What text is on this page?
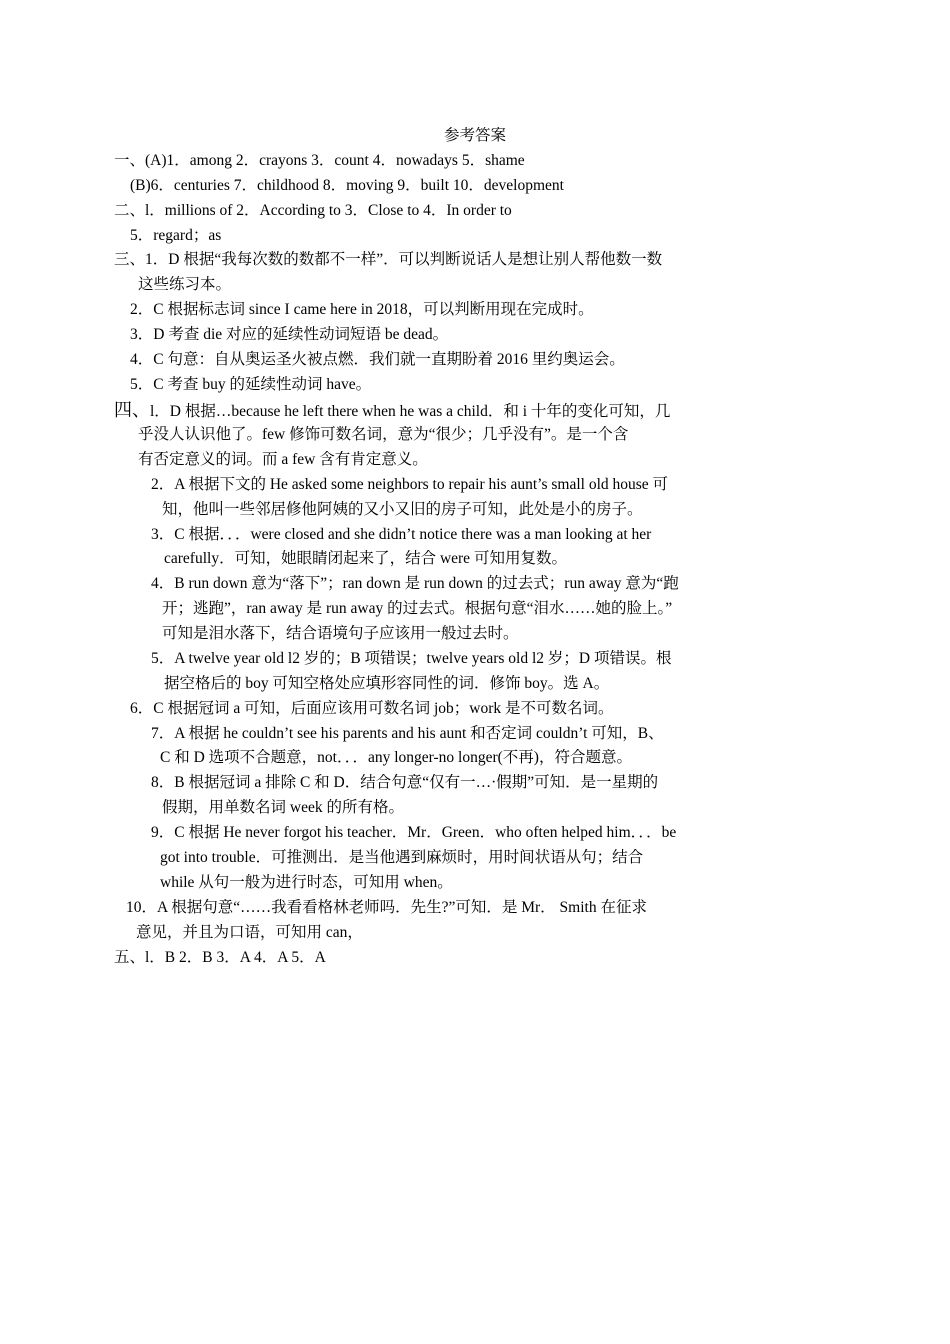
参考答案
一、(A)1．among 2．crayons 3．count 4．nowadays 5．shame
(B)6．centuries 7．childhood 8．moving 9．built 10．development
二、l．millions of 2．According to 3．Close to 4．In order to
5．regard；as
三、1．D 根据“我每次数的数都不一样”．可以判断说话人是想让别人帮他数一数
这些练习本。
2．C 根据标志词 since I came here in 2018，可以判断用现在完成时。
3．D 考查 die 对应的延续性动词短语 be dead。
4．C 句意：自从奥运圣火被点燃．我们就一直期盼着 2016 里约奥运会。
5．C 考查 buy 的延续性动词 have。
四、l．D 根据…because he left there when he was a child．和 i 十年的变化可知，几
乎没人认识他了。few 修饰可数名词，意为“很少；几乎没有”。是一个含
有否定意义的词。而 a few 含有肯定意义。
2．A 根据下文的 He asked some neighbors to repair his aunt’s small old house 可
知，他叫一些邻居修他阿姨的又小又旧的房子可知，此处是小的房子。
3．C 根据．．．were closed and she didn’t notice there was a man looking at her
carefully．可知，她眼睛闭起来了，结合 were 可知用复数。
4．B run down 意为“落下”；ran down 是 run down 的过去式；run away 意为“跑
开；逃跑”，ran away 是 run away 的过去式。根据句意“泪水……她的脸上。”
可知是泪水落下，结合语境句子应该用一般过去时。
5．A twelve year old l2 岁的；B 项错误；twelve years old l2 岁；D 项错误。根
据空格后的 boy 可知空格处应填形容同性的词．修饰 boy。选 A。
6．C 根据冠词 a 可知，后面应该用可数名词 job；work 是不可数名词。
7．A 根据 he couldn’t see his parents and his aunt 和否定词 couldn’t 可知，B、
C 和 D 选项不合题意，not．．．any longer-no longer(不再)，符合题意。
8．B 根据冠词 a 排除 C 和 D．结合句意“仅有一…·假期”可知．是一星期的
假期，用单数名词 week 的所有格。
9．C 根据 He never forgot his teacher．Mr．Green．who often helped him．．．be
got into trouble．可推测出．是当他遇到麻烦时，用时间状语从句；结合
while 从句一般为进行时态，可知用 when。
10．A 根据句意“……我看看格林老师吗．先生?”可知．是 Mr． Smith 在征求
意见，并且为口语，可知用 can，
五、l．B 2．B 3．A 4．A 5．A
